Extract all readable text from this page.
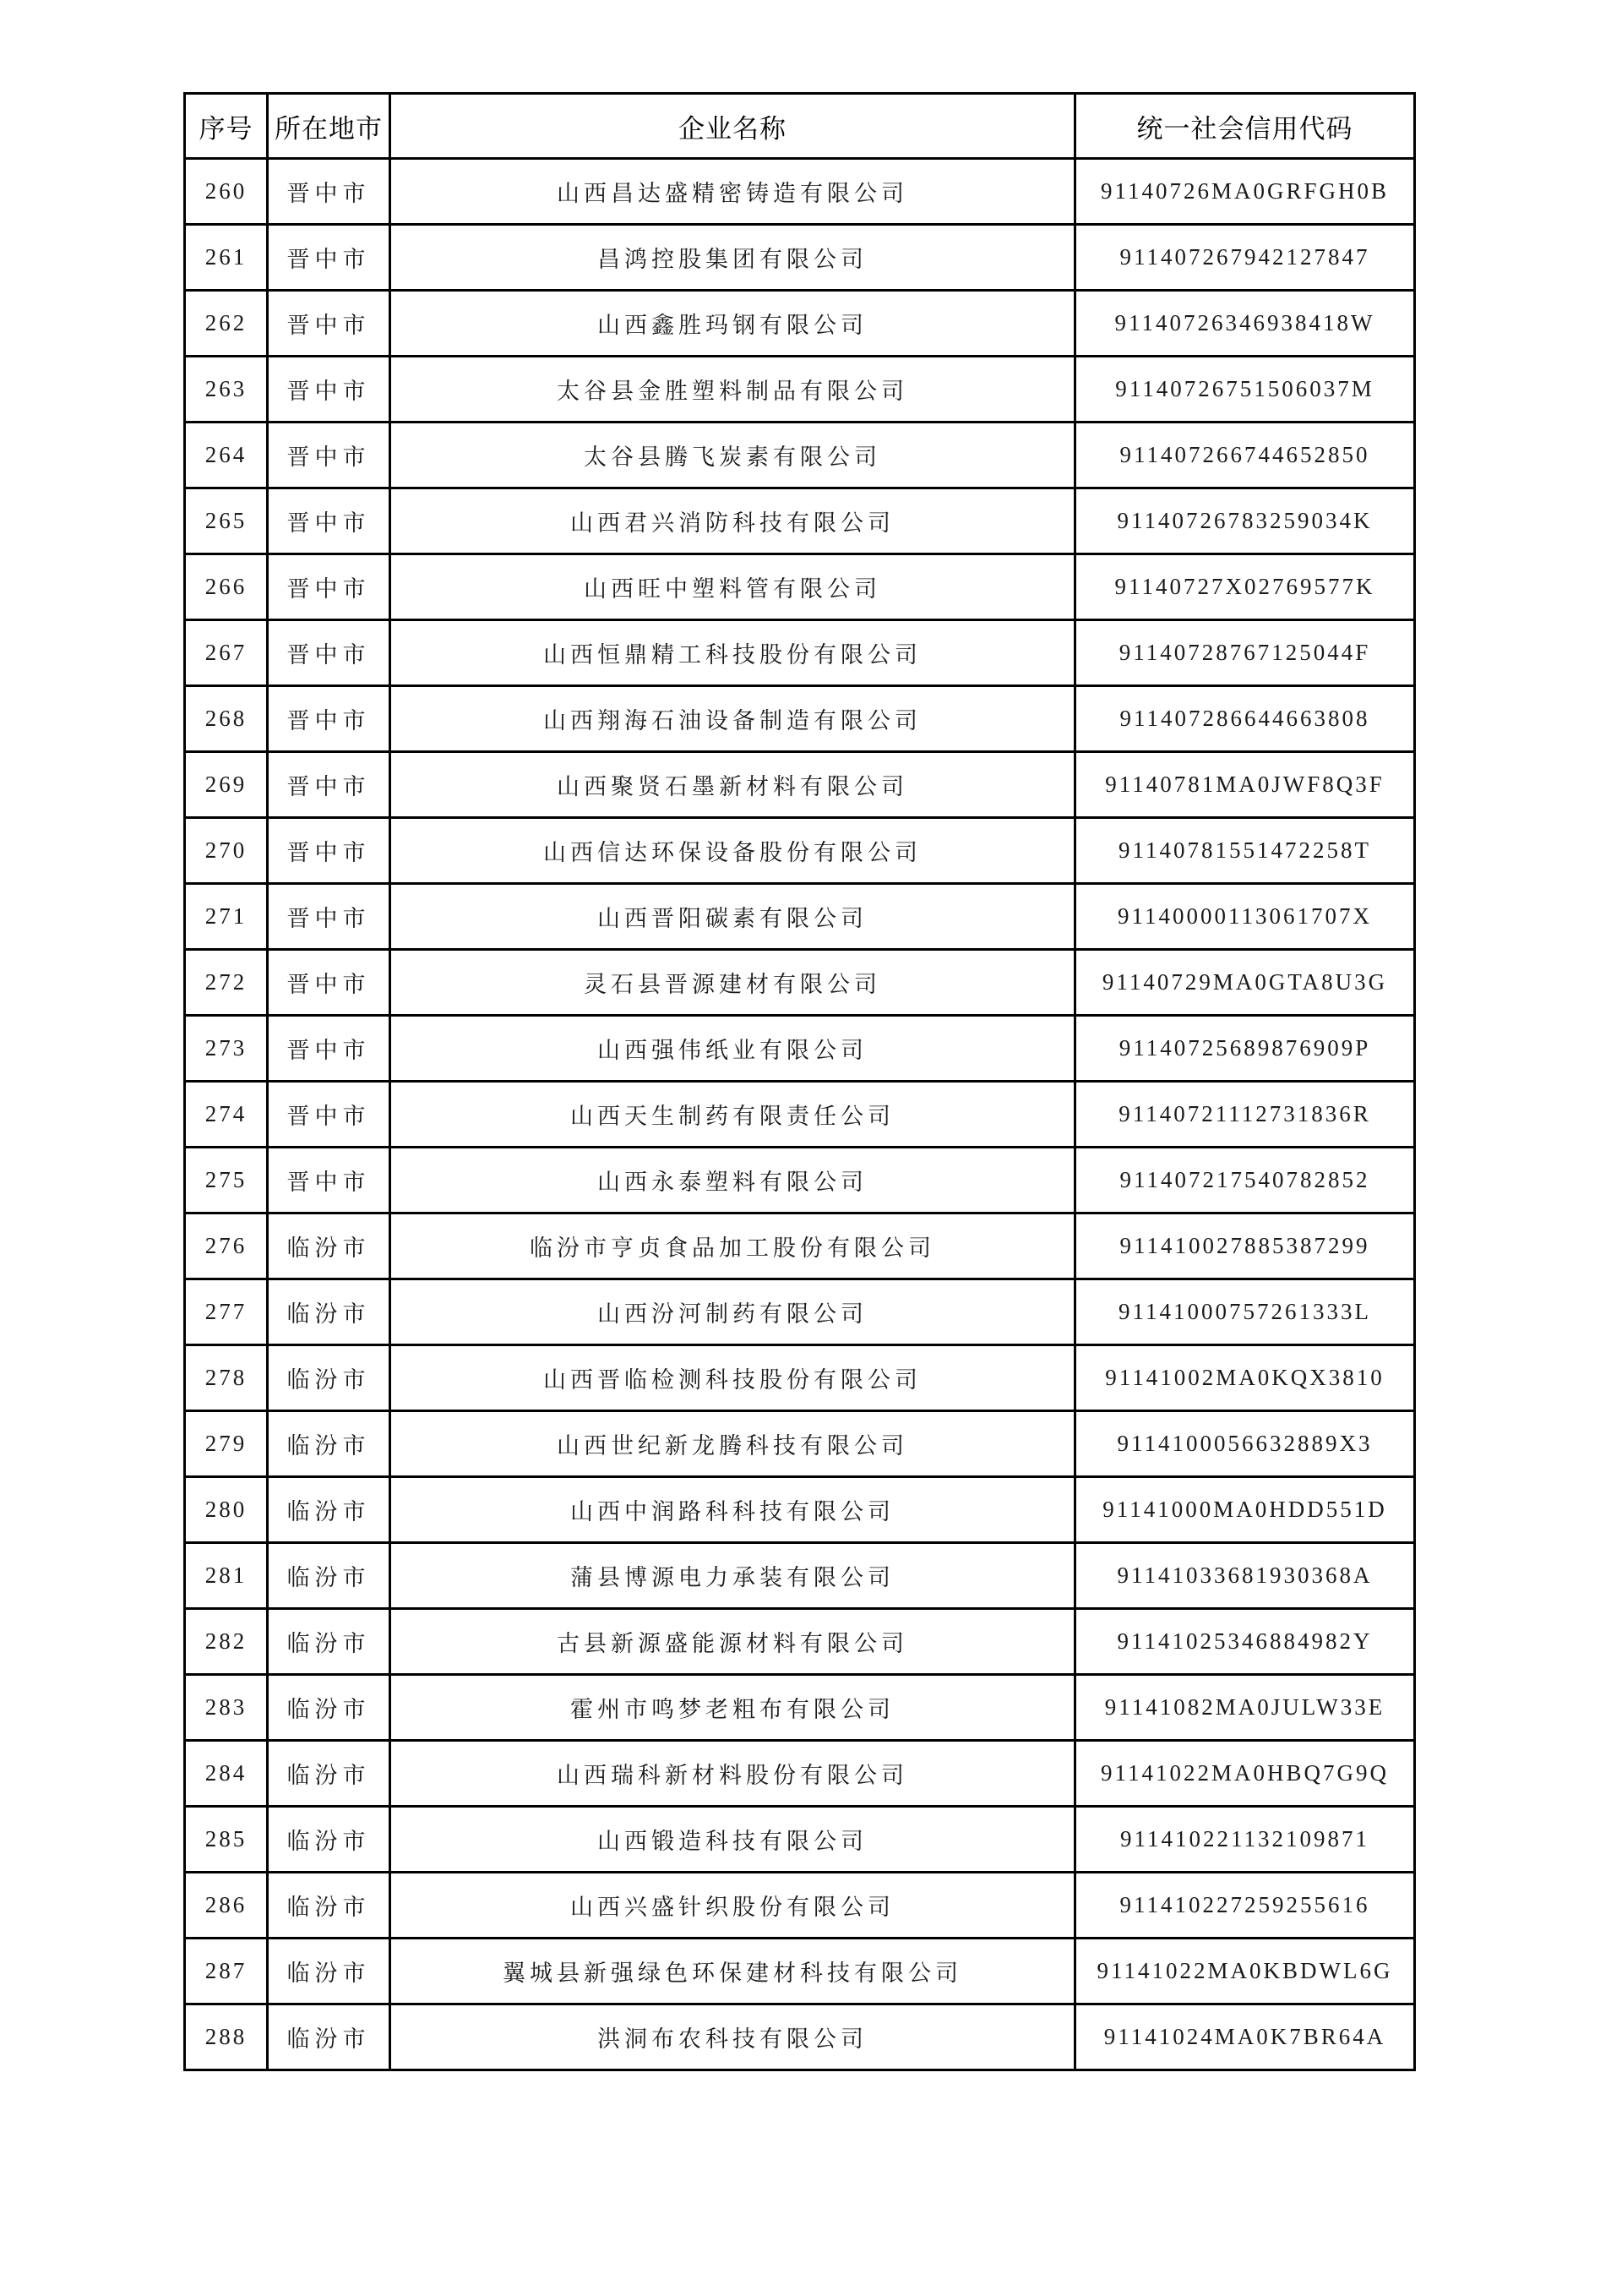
序号	所在地市	企业名称	统一社会信用代码
260	晋中市	山西昌达盛精密铸造有限公司	91140726MA0GRFGH0B
261	晋中市	昌鸿控股集团有限公司	911407267942127847
262	晋中市	山西鑫胜玛钢有限公司	91140726346938418W
263	晋中市	太谷县金胜塑料制品有限公司	91140726751506037M
264	晋中市	太谷县腾飞炭素有限公司	911407266744652850
265	晋中市	山西君兴消防科技有限公司	91140726783259034K
266	晋中市	山西旺中塑料管有限公司	91140727X02769577K
267	晋中市	山西恒鼎精工科技股份有限公司	91140728767125044F
268	晋中市	山西翔海石油设备制造有限公司	911407286644663808
269	晋中市	山西聚贤石墨新材料有限公司	91140781MA0JWF8Q3F
270	晋中市	山西信达环保设备股份有限公司	91140781551472258T
271	晋中市	山西晋阳碳素有限公司	91140000113061707X
272	晋中市	灵石县晋源建材有限公司	91140729MA0GTA8U3G
273	晋中市	山西强伟纸业有限公司	91140725689876909P
274	晋中市	山西天生制药有限责任公司	91140721112731836R
275	晋中市	山西永泰塑料有限公司	911407217540782852
276	临汾市	临汾市亨贞食品加工股份有限公司	911410027885387299
277	临汾市	山西汾河制药有限公司	91141000757261333L
278	临汾市	山西晋临检测科技股份有限公司	91141002MA0KQX3810
279	临汾市	山西世纪新龙腾科技有限公司	9114100056632889X3
280	临汾市	山西中润路科科技有限公司	91141000MA0HDD551D
281	临汾市	蒲县博源电力承装有限公司	91141033681930368A
282	临汾市	古县新源盛能源材料有限公司	91141025346884982Y
283	临汾市	霍州市鸣梦老粗布有限公司	91141082MA0JULW33E
284	临汾市	山西瑞科新材料股份有限公司	91141022MA0HBQ7G9Q
285	临汾市	山西锻造科技有限公司	911410221132109871
286	临汾市	山西兴盛针织股份有限公司	911410227259255616
287	临汾市	翼城县新强绿色环保建材科技有限公司	91141022MA0KBDWL6G
288	临汾市	洪洞布农科技有限公司	91141024MA0K7BR64A
